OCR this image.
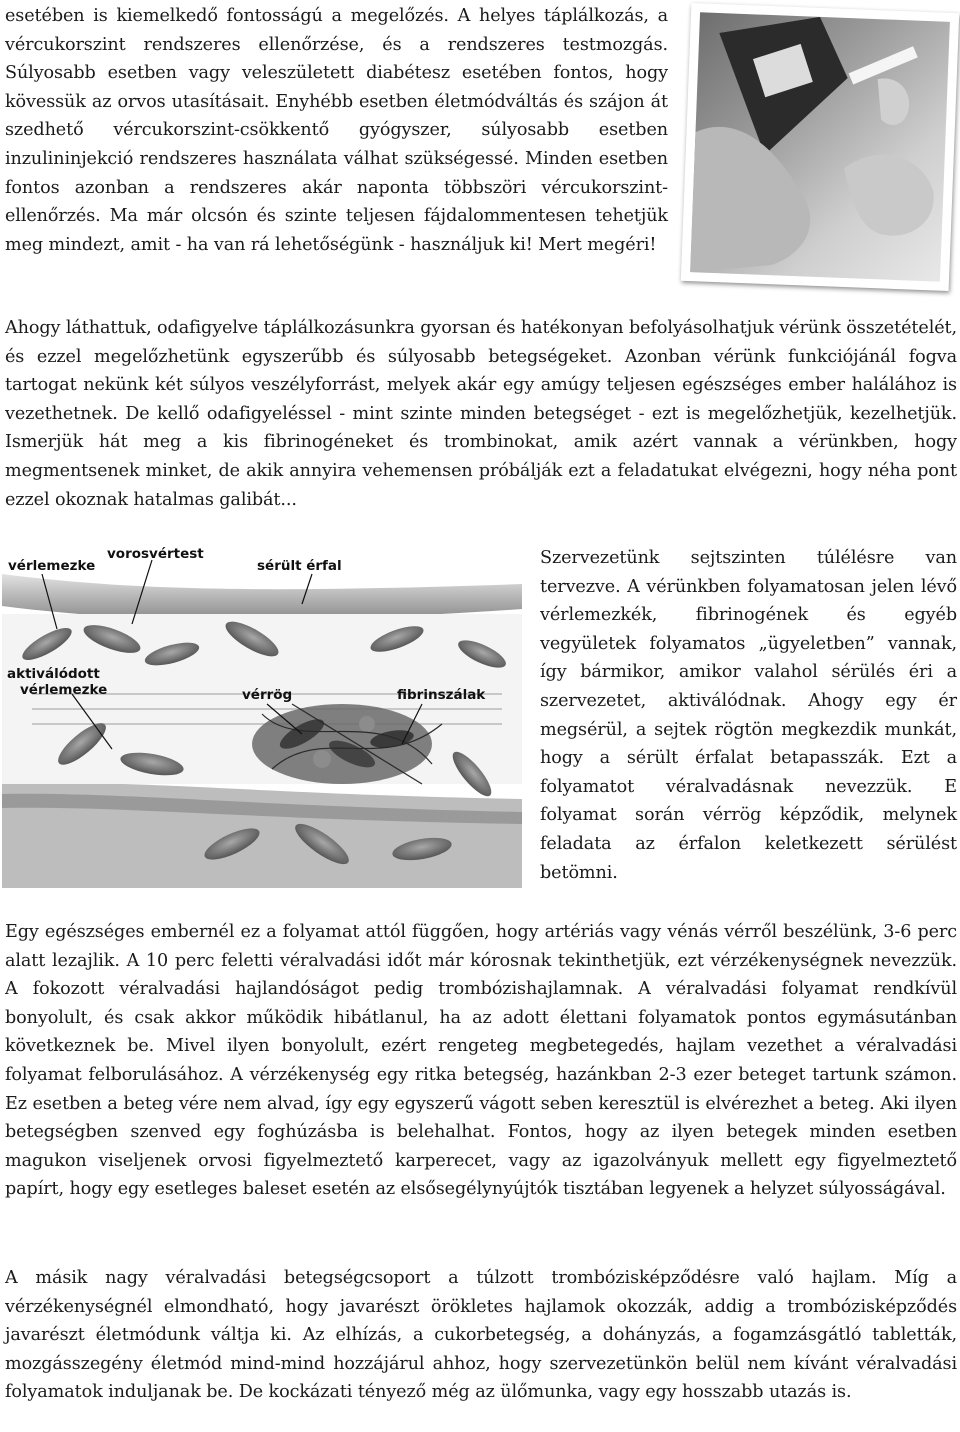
esetében is kiemelkedő fontosságú a megelőzés. A helyes táplálkozás, a vércukorszint rendszeres ellenőrzése, és a rendszeres testmozgás. Súlyosabb esetben vagy veleszületett diabétesz esetében fontos, hogy kövessük az orvos utasításait. Enyhébb esetben életmódváltás és szájon át szedhető vércukorszint-csökkentő gyógyszer, súlyosabb esetben inzulininjekció rendszeres használata válhat szükségessé. Minden esetben fontos azonban a rendszeres akár naponta többszöri vércukorszint-ellenőrzés. Ma már olcsón és szinte teljesen fájdalommentesen tehetjük meg mindezt, amit - ha van rá lehetőségünk - használjuk ki! Mert megéri!

Ahogy láthattuk, odafigyelve táplálkozásunkra gyorsan és hatékonyan befolyásolhatjuk vérünk összetételét, és ezzel megelőzhetünk egyszerűbb és súlyosabb betegségeket. Azonban vérünk funkciójánál fogva tartogat nekünk két súlyos veszélyforrást, melyek akár egy amúgy teljesen egészséges ember halálához is vezethetnek. De kellő odafigyeléssel - mint szinte minden betegséget - ezt is megelőzhetjük, kezelhetjük. Ismerjük hát meg a kis fibrinogéneket és trombinokat, amik azért vannak a vérünkben, hogy megmentsenek minket, de akik annyira vehemensen próbálják ezt a feladatukat elvégezni, hogy néha pont ezzel okoznak hatalmas galibát...

vérlemezke
vorosvértest
sérült érfal
aktiválódott
vérlemezke	vérrög	fibrinszálak

Szervezetünk sejtszinten túlélésre van tervezve. A vérünkben folyamatosan jelen lévő vérlemezkék, fibrinogének és egyéb vegyületek folyamatos „ügyeletben” vannak, így bármikor, amikor valahol sérülés éri a szervezetet, aktiválódnak. Ahogy egy ér megsérül, a sejtek rögtön megkezdik munkát, hogy a sérült érfalat betapasszák. Ezt a folyamatot véralvadásnak nevezzük. E folyamat során vérrög képződik, melynek feladata az érfalon keletkezett sérülést betömni.

Egy egészséges embernél ez a folyamat attól függően, hogy artériás vagy vénás vérről beszélünk, 3-6 perc alatt lezajlik. A 10 perc feletti véralvadási időt már kórosnak tekinthetjük, ezt vérzékenységnek nevezzük. A fokozott véralvadási hajlandóságot pedig trombózishajlamnak. A véralvadási folyamat rendkívül bonyolult, és csak akkor működik hibátlanul, ha az adott élettani folyamatok pontos egymásutánban következnek be. Mivel ilyen bonyolult, ezért rengeteg megbetegedés, hajlam vezethet a véralvadási folyamat felborulásához. A vérzékenység egy ritka betegség, hazánkban 2-3 ezer beteget tartunk számon. Ez esetben a beteg vére nem alvad, így egy egyszerű vágott seben keresztül is elvérezhet a beteg. Aki ilyen betegségben szenved egy foghúzásba is belehalhat. Fontos, hogy az ilyen betegek minden esetben magukon viseljenek orvosi figyelmeztető karperecet, vagy az igazolványuk mellett egy figyelmeztető papírt, hogy egy esetleges baleset esetén az elsősegélynyújtók tisztában legyenek a helyzet súlyosságával.

A másik nagy véralvadási betegségcsoport a túlzott trombózisképződésre való hajlam. Míg a vérzékenységnél elmondható, hogy javarészt örökletes hajlamok okozzák, addig a trombózisképződés javarészt életmódunk váltja ki. Az elhízás, a cukorbetegség, a dohányzás, a fogamzásgátló tabletták, mozgásszegény életmód mind-mind hozzájárul ahhoz, hogy szervezetünkön belül nem kívánt véralvadási folyamatok induljanak be. De kockázati tényező még az ülőmunka, vagy egy hosszabb utazás is.
